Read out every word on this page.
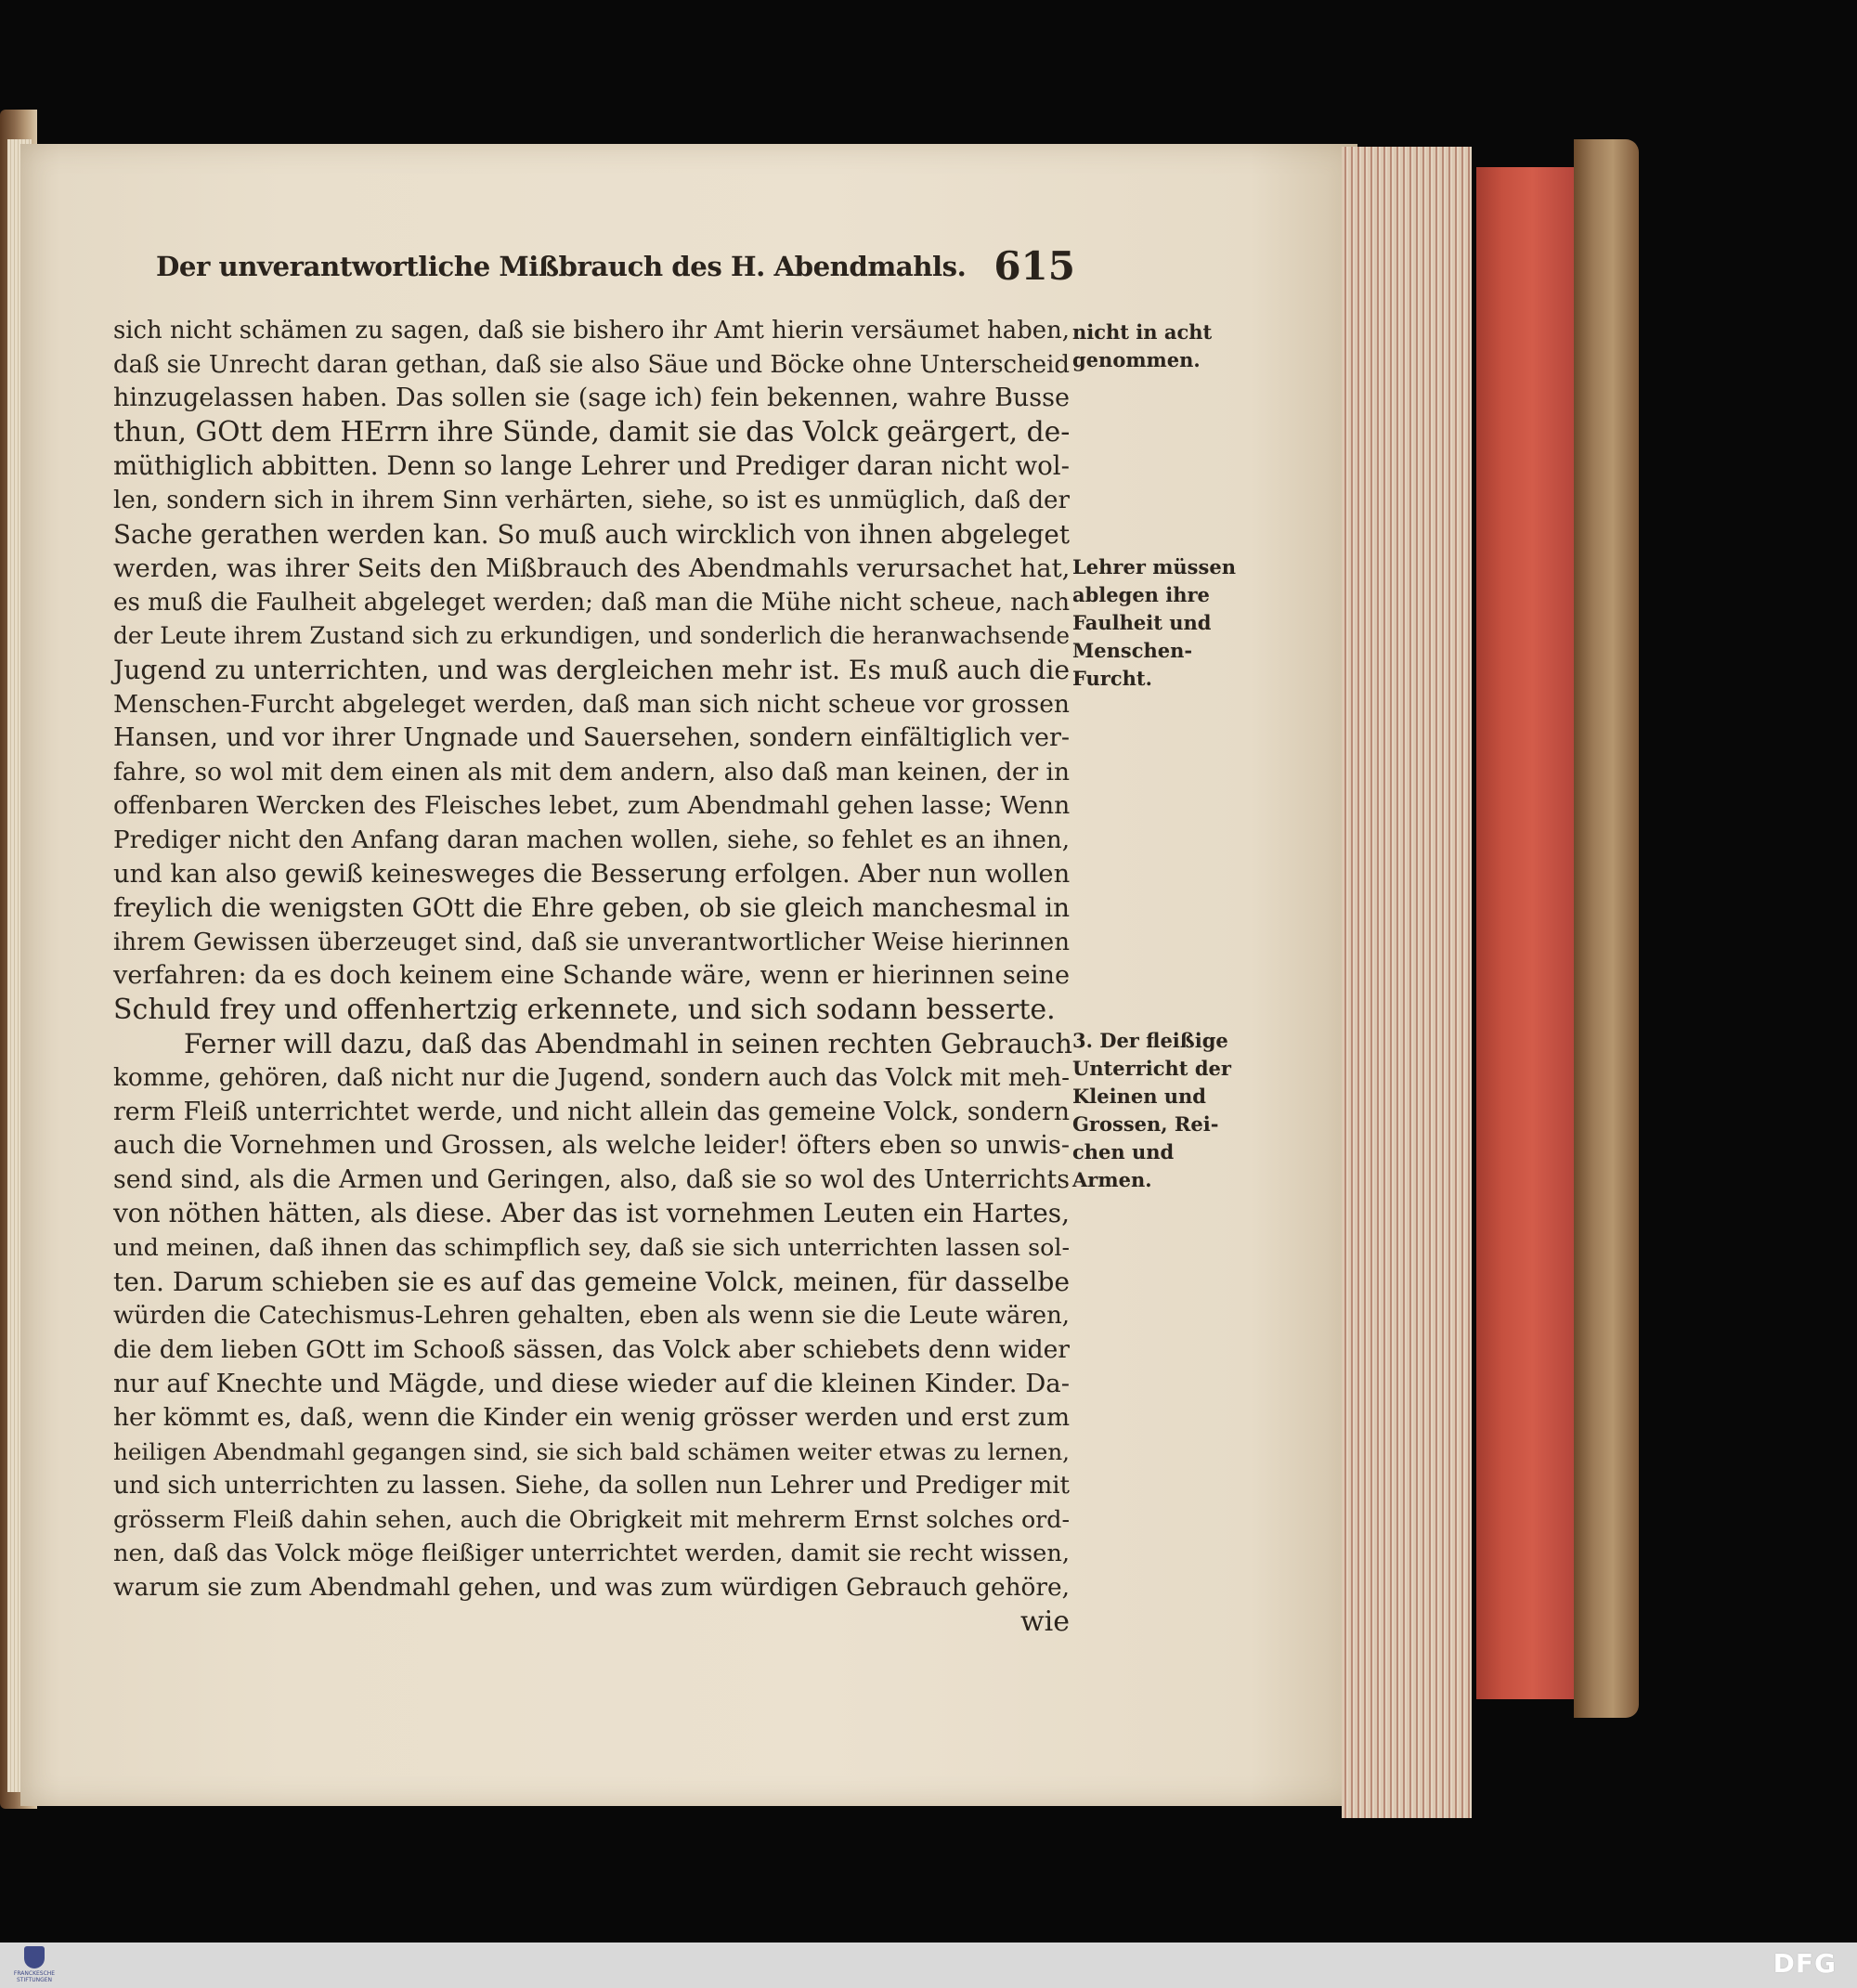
Der unverantwortliche Mißbrauch des H. Abendmahls. 615
sich nicht schämen zu sagen, daß sie bishero ihr Amt hierin versäumet haben,
daß sie Unrecht daran gethan, daß sie also Säue und Böcke ohne Unterscheid
hinzugelassen haben. Das sollen sie (sage ich) fein bekennen, wahre Busse
thun, GOtt dem HErrn ihre Sünde, damit sie das Volck geärgert, de-
müthiglich abbitten. Denn so lange Lehrer und Prediger daran nicht wol-
len, sondern sich in ihrem Sinn verhärten, siehe, so ist es unmüglich, daß der
Sache gerathen werden kan. So muß auch wircklich von ihnen abgeleget
werden, was ihrer Seits den Mißbrauch des Abendmahls verursachet hat,
es muß die Faulheit abgeleget werden; daß man die Mühe nicht scheue, nach
der Leute ihrem Zustand sich zu erkundigen, und sonderlich die heranwachsende
Jugend zu unterrichten, und was dergleichen mehr ist. Es muß auch die
Menschen-Furcht abgeleget werden, daß man sich nicht scheue vor grossen
Hansen, und vor ihrer Ungnade und Sauersehen, sondern einfältiglich ver-
fahre, so wol mit dem einen als mit dem andern, also daß man keinen, der in
offenbaren Wercken des Fleisches lebet, zum Abendmahl gehen lasse; Wenn
Prediger nicht den Anfang daran machen wollen, siehe, so fehlet es an ihnen,
und kan also gewiß keinesweges die Besserung erfolgen. Aber nun wollen
freylich die wenigsten GOtt die Ehre geben, ob sie gleich manchesmal in
ihrem Gewissen überzeuget sind, daß sie unverantwortlicher Weise hierinnen
verfahren: da es doch keinem eine Schande wäre, wenn er hierinnen seine
Schuld frey und offenhertzig erkennete, und sich sodann besserte.
Ferner will dazu, daß das Abendmahl in seinen rechten Gebrauch
komme, gehören, daß nicht nur die Jugend, sondern auch das Volck mit meh-
rerm Fleiß unterrichtet werde, und nicht allein das gemeine Volck, sondern
auch die Vornehmen und Grossen, als welche leider! öfters eben so unwis-
send sind, als die Armen und Geringen, also, daß sie so wol des Unterrichts
von nöthen hätten, als diese. Aber das ist vornehmen Leuten ein Hartes,
und meinen, daß ihnen das schimpflich sey, daß sie sich unterrichten lassen sol-
ten. Darum schieben sie es auf das gemeine Volck, meinen, für dasselbe
würden die Catechismus-Lehren gehalten, eben als wenn sie die Leute wären,
die dem lieben GOtt im Schooß sässen, das Volck aber schiebets denn wider
nur auf Knechte und Mägde, und diese wieder auf die kleinen Kinder. Da-
her kömmt es, daß, wenn die Kinder ein wenig grösser werden und erst zum
heiligen Abendmahl gegangen sind, sie sich bald schämen weiter etwas zu lernen,
und sich unterrichten zu lassen. Siehe, da sollen nun Lehrer und Prediger mit
grösserm Fleiß dahin sehen, auch die Obrigkeit mit mehrerm Ernst solches ord-
nen, daß das Volck möge fleißiger unterrichtet werden, damit sie recht wissen,
warum sie zum Abendmahl gehen, und was zum würdigen Gebrauch gehöre,
wie
nicht in acht
genommen.
Lehrer müssen
ablegen ihre
Faulheit und
Menschen-
Furcht.
3. Der fleißige
Unterricht der
Kleinen und
Grossen, Rei-
chen und
Armen.
FRANCKESCHE STIFTUNGEN
DFG
